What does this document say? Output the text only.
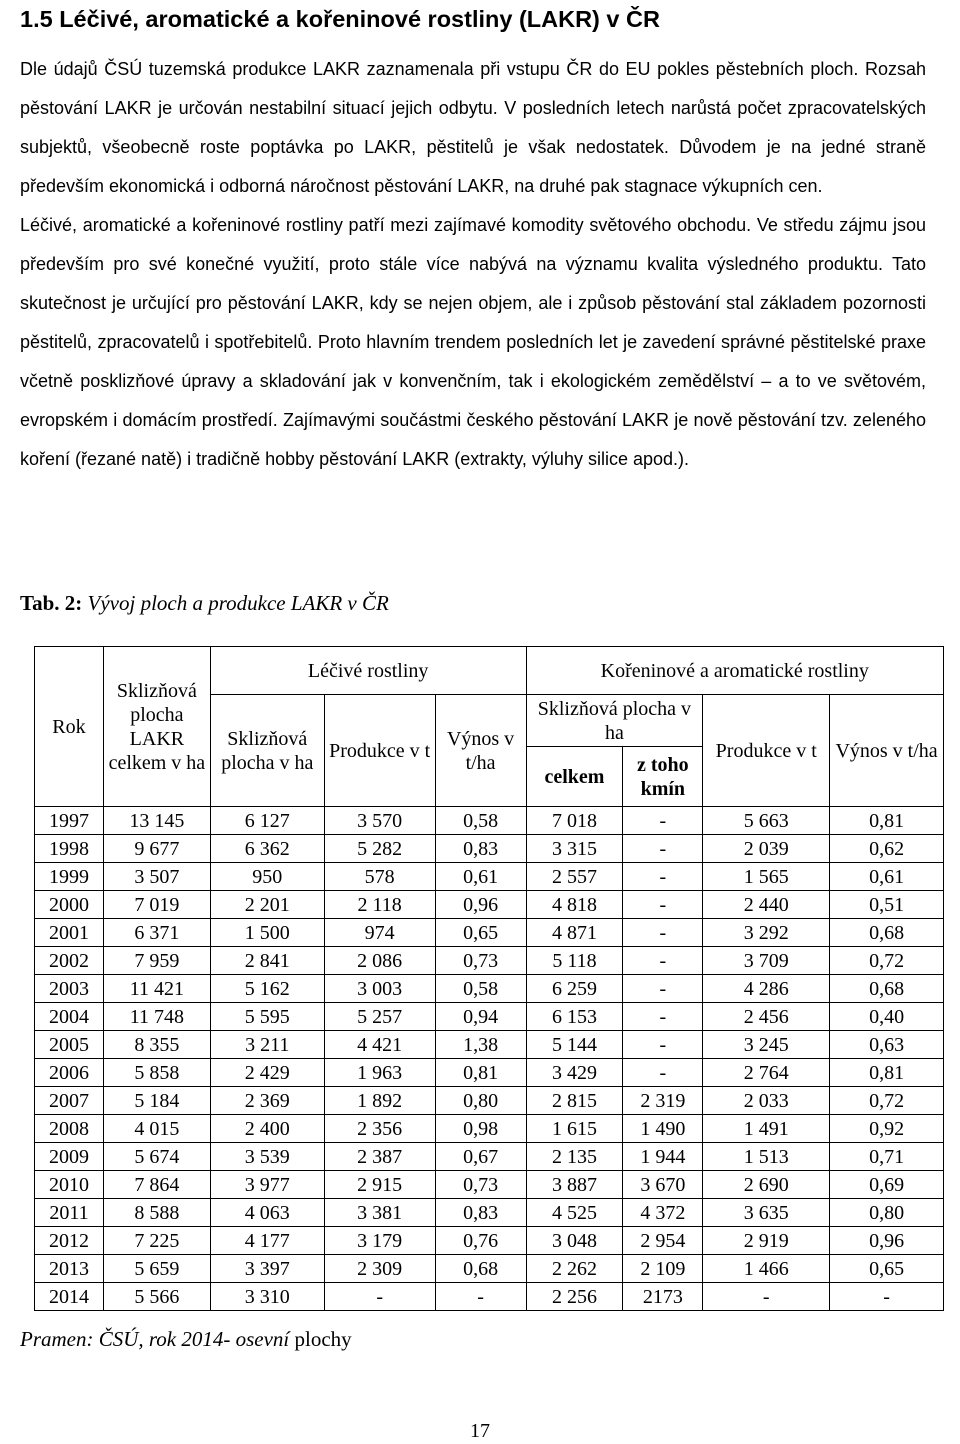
1.5 Léčivé, aromatické a kořeninové rostliny (LAKR) v ČR

Dle údajů ČSÚ tuzemská produkce LAKR zaznamenala při vstupu ČR do EU pokles pěstebních ploch. Rozsah pěstování LAKR je určován nestabilní situací jejich odbytu. V posledních letech narůstá počet zpracovatelských subjektů, všeobecně roste poptávka po LAKR, pěstitelů je však nedostatek. Důvodem je na jedné straně především ekonomická i odborná náročnost pěstování LAKR, na druhé pak stagnace výkupních cen.

Léčivé, aromatické a kořeninové rostliny patří mezi zajímavé komodity světového obchodu. Ve středu zájmu jsou především pro své konečné využití, proto stále více nabývá na významu kvalita výsledného produktu. Tato skutečnost je určující pro pěstování LAKR, kdy se nejen objem, ale i způsob pěstování stal základem pozornosti pěstitelů, zpracovatelů i spotřebitelů. Proto hlavním trendem posledních let je zavedení správné pěstitelské praxe včetně posklizňové úpravy a skladování jak v konvenčním, tak i ekologickém zemědělství – a to ve světovém, evropském i domácím prostředí. Zajímavými součástmi českého pěstování LAKR je nově pěstování tzv. zeleného koření (řezané natě) i tradičně hobby pěstování LAKR (extrakty, výluhy silice apod.).

Tab. 2: Vývoj ploch a produkce LAKR v ČR

Rok	Sklizňová plocha LAKR celkem v ha	Léčivé rostliny			Kořeninové a aromatické rostliny			
		Sklizňová plocha v ha	Produkce v t	Výnos v t/ha	Sklizňová plocha v ha		Produkce v t	Výnos v t/ha
					celkem	z toho kmín		
1997	13 145	6 127	3 570	0,58	7 018	-	5 663	0,81
1998	9 677	6 362	5 282	0,83	3 315	-	2 039	0,62
1999	3 507	950	578	0,61	2 557	-	1 565	0,61
2000	7 019	2 201	2 118	0,96	4 818	-	2 440	0,51
2001	6 371	1 500	974	0,65	4 871	-	3 292	0,68
2002	7 959	2 841	2 086	0,73	5 118	-	3 709	0,72
2003	11 421	5 162	3 003	0,58	6 259	-	4 286	0,68
2004	11 748	5 595	5 257	0,94	6 153	-	2 456	0,40
2005	8 355	3 211	4 421	1,38	5 144	-	3 245	0,63
2006	5 858	2 429	1 963	0,81	3 429	-	2 764	0,81
2007	5 184	2 369	1 892	0,80	2 815	2 319	2 033	0,72
2008	4 015	2 400	2 356	0,98	1 615	1 490	1 491	0,92
2009	5 674	3 539	2 387	0,67	2 135	1 944	1 513	0,71
2010	7 864	3 977	2 915	0,73	3 887	3 670	2 690	0,69
2011	8 588	4 063	3 381	0,83	4 525	4 372	3 635	0,80
2012	7 225	4 177	3 179	0,76	3 048	2 954	2 919	0,96
2013	5 659	3 397	2 309	0,68	2 262	2 109	1 466	0,65
2014	5 566	3 310	-	-	2 256	2173	-	-

Pramen: ČSÚ, rok 2014- osevní plochy

17
